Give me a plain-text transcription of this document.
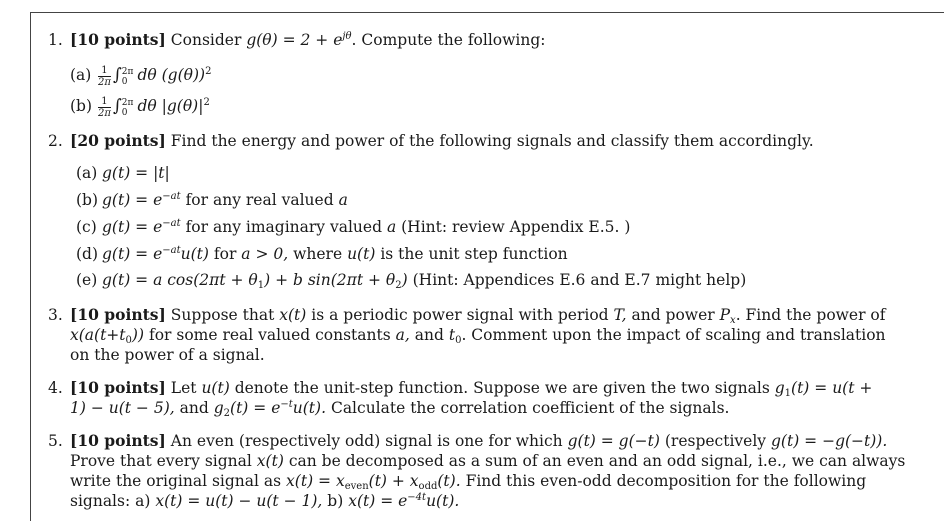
1. [10 points] Consider $g(\theta) = 2 + e^{j\theta}$. Compute the following:
$(a) \frac{1}{2\pi}$ ∫ 2π
0 dθ $(g(\theta))^2$
$(b) \frac{1}{2\pi}$ ∫ 2π
0 dθ $|g(\theta)|^2$
2. [20 points] Find the energy and power of the following signals and classify them accordingly.
(a) g(t) = |t|
(b) $g(t) = e^{-at}$ for any real valued a
(c) $g(t) = e^{-at}$ for any imaginary valued a (Hint: review Appendix E.5. )
(d) $g(t) = e^{-at}u(t)$ for a > 0, where u(t) is the unit step function
(e) g(t) = a $\cos(2\pi t + \theta_1) + b$ $\sin(2\pi t + \theta_2)$ (Hint: Appendices E.6 and E.7 might help)
3. [10 points] Suppose that x(t) is a periodic power signal with period T, and power $P_x$. Find the power of
$x(a(t+t_0))$ for some real valued constants a, and $t_0$. Comment upon the impact of scaling and translation
on the power of a signal.
4. [10 points] Let u(t) denote the unit-step function. Suppose we are given the two signals $g_1(t) = u(t$ +
1) − u(t − 5), and $g_2(t) = e^{-t}u(t)$. Calculate the correlation coefficient of the signals.
5. [10 points] An even (respectively odd) signal is one for which g(t) = g(−t) (respectively g(t) = −g(−t)).
Prove that every signal x(t) can be decomposed as a sum of an even and an odd signal, i.e., we can always
write the original signal as $x(t) = x_{even}(t) + x_{odd}(t)$. Find this even-odd decomposition for the following
signals: a) x(t) = u(t) − u(t − 1), b) $x(t) = e^{-4t}u(t)$.
